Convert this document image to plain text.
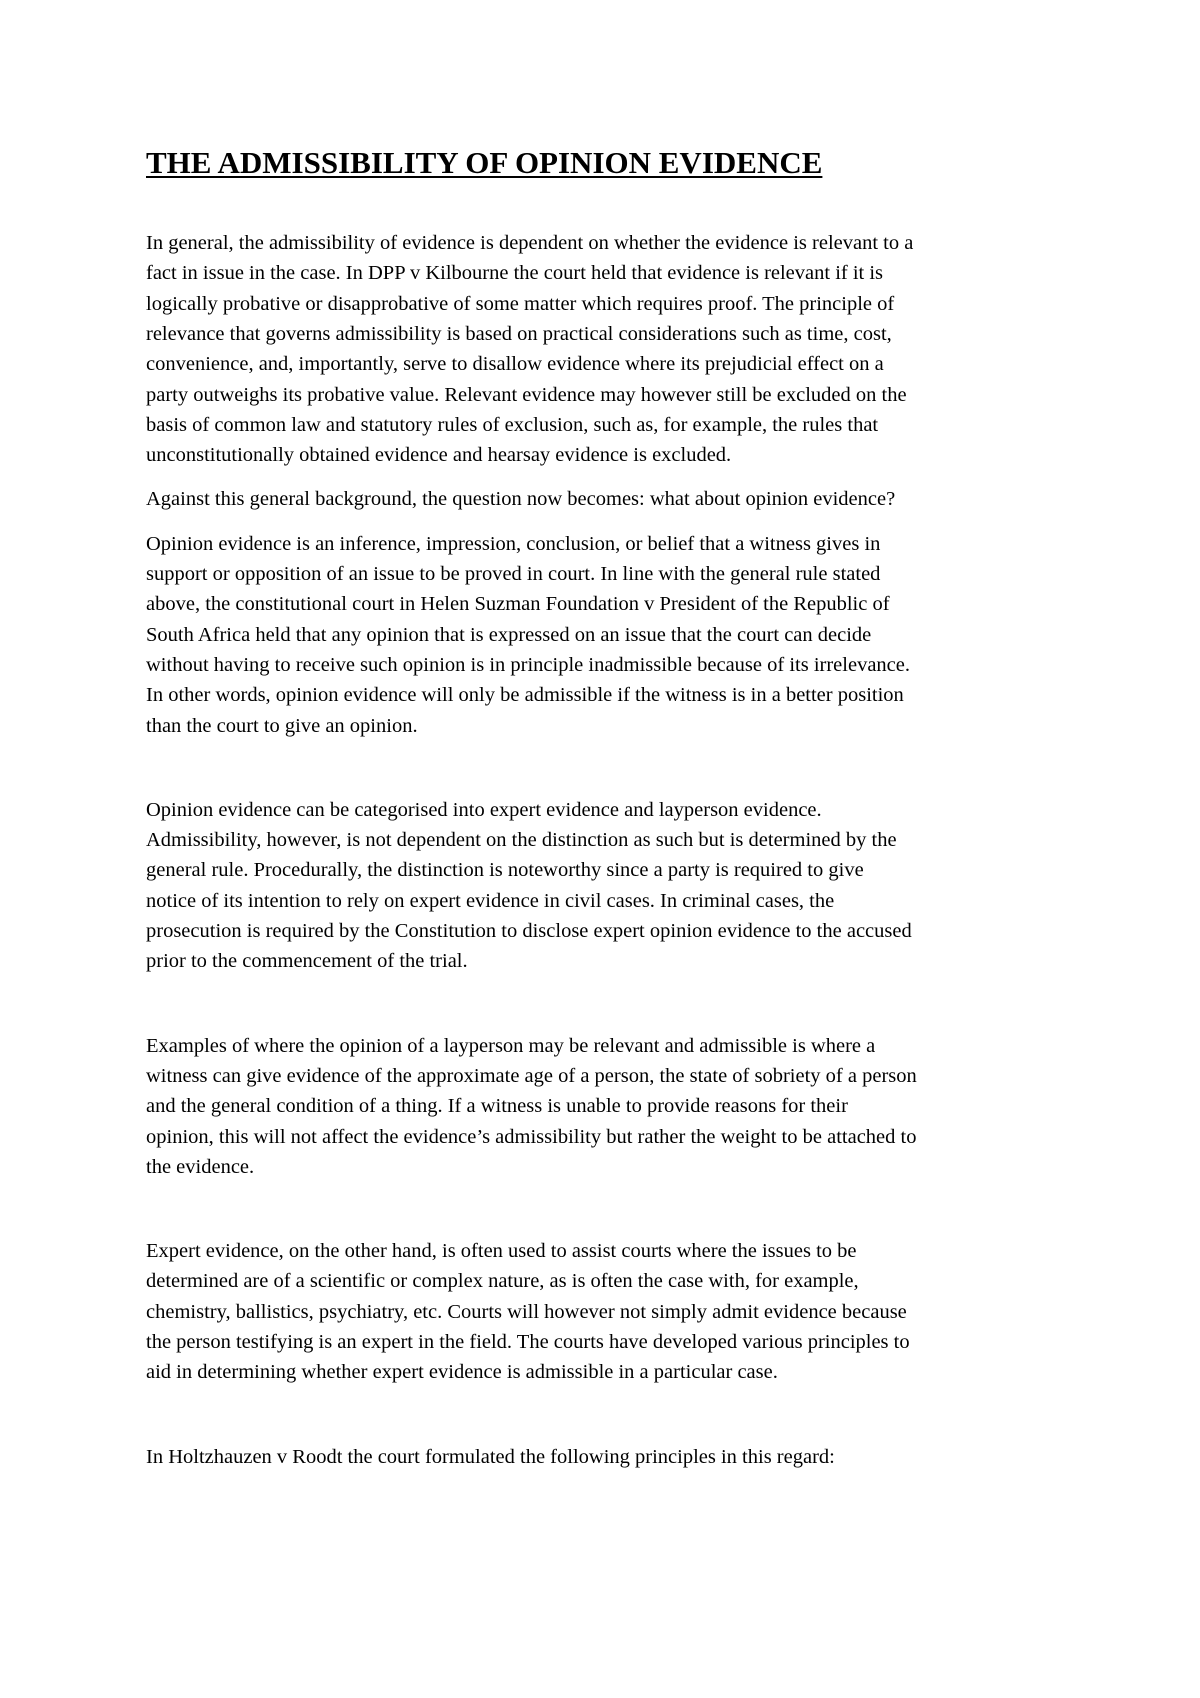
THE ADMISSIBILITY OF OPINION EVIDENCE

In general, the admissibility of evidence is dependent on whether the evidence is relevant to a
fact in issue in the case. In DPP v Kilbourne the court held that evidence is relevant if it is
logically probative or disapprobative of some matter which requires proof. The principle of
relevance that governs admissibility is based on practical considerations such as time, cost,
convenience, and, importantly, serve to disallow evidence where its prejudicial effect on a
party outweighs its probative value. Relevant evidence may however still be excluded on the
basis of common law and statutory rules of exclusion, such as, for example, the rules that
unconstitutionally obtained evidence and hearsay evidence is excluded.

Against this general background, the question now becomes: what about opinion evidence?

Opinion evidence is an inference, impression, conclusion, or belief that a witness gives in
support or opposition of an issue to be proved in court. In line with the general rule stated
above, the constitutional court in Helen Suzman Foundation v President of the Republic of
South Africa held that any opinion that is expressed on an issue that the court can decide
without having to receive such opinion is in principle inadmissible because of its irrelevance.
In other words, opinion evidence will only be admissible if the witness is in a better position
than the court to give an opinion.

Opinion evidence can be categorised into expert evidence and layperson evidence.
Admissibility, however, is not dependent on the distinction as such but is determined by the
general rule. Procedurally, the distinction is noteworthy since a party is required to give
notice of its intention to rely on expert evidence in civil cases. In criminal cases, the
prosecution is required by the Constitution to disclose expert opinion evidence to the accused
prior to the commencement of the trial.

Examples of where the opinion of a layperson may be relevant and admissible is where a
witness can give evidence of the approximate age of a person, the state of sobriety of a person
and the general condition of a thing. If a witness is unable to provide reasons for their
opinion, this will not affect the evidence’s admissibility but rather the weight to be attached to
the evidence.

Expert evidence, on the other hand, is often used to assist courts where the issues to be
determined are of a scientific or complex nature, as is often the case with, for example,
chemistry, ballistics, psychiatry, etc. Courts will however not simply admit evidence because
the person testifying is an expert in the field. The courts have developed various principles to
aid in determining whether expert evidence is admissible in a particular case.

In Holtzhauzen v Roodt the court formulated the following principles in this regard:
